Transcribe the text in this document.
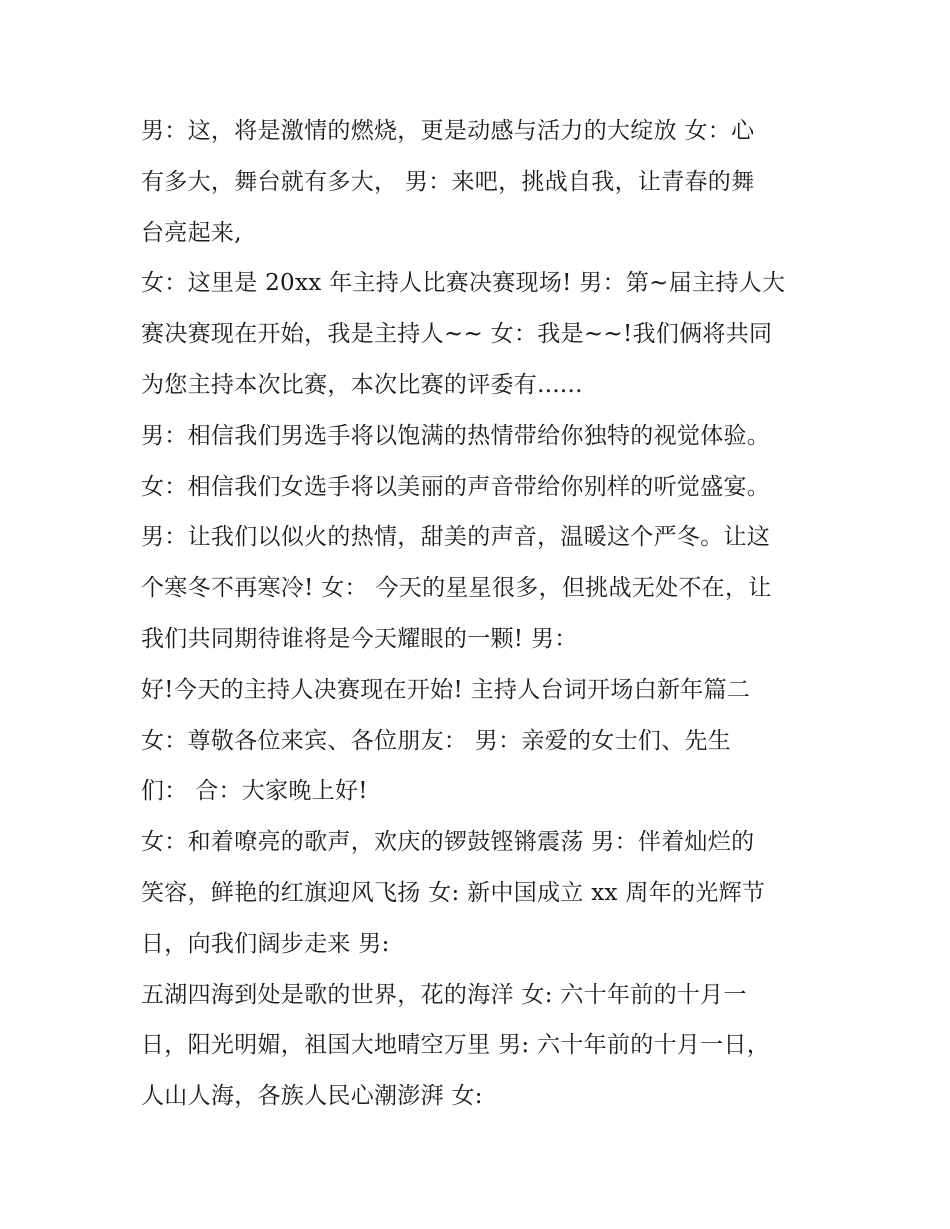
男：这，将是激情的燃烧，更是动感与活力的大绽放 女：心
有多大，舞台就有多大， 男：来吧，挑战自我，让青春的舞
台亮起来,
女：这里是 20xx 年主持人比赛决赛现场! 男：第~届主持人大
赛决赛现在开始，我是主持人~~ 女：我是~~!我们俩将共同
为您主持本次比赛，本次比赛的评委有......
男：相信我们男选手将以饱满的热情带给你独特的视觉体验。
女：相信我们女选手将以美丽的声音带给你别样的听觉盛宴。
男：让我们以似火的热情，甜美的声音，温暖这个严冬。让这
个寒冬不再寒冷! 女： 今天的星星很多，但挑战无处不在，让
我们共同期待谁将是今天耀眼的一颗! 男：
好!今天的主持人决赛现在开始! 主持人台词开场白新年篇二
女：尊敬各位来宾、各位朋友： 男：亲爱的女士们、先生
们： 合：大家晚上好!
女：和着嘹亮的歌声，欢庆的锣鼓铿锵震荡 男：伴着灿烂的
笑容，鲜艳的红旗迎风飞扬 女: 新中国成立 xx 周年的光辉节
日，向我们阔步走来 男:
五湖四海到处是歌的世界，花的海洋 女: 六十年前的十月一
日，阳光明媚，祖国大地晴空万里 男: 六十年前的十月一日，
人山人海，各族人民心潮澎湃 女:
